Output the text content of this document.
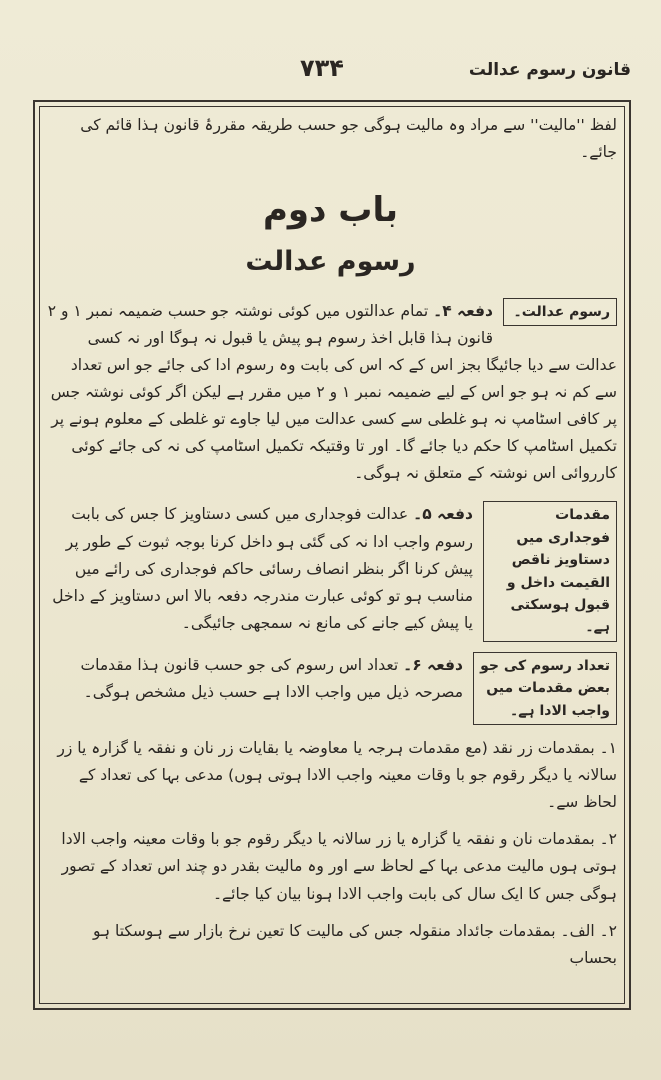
قانون رسوم عدالت
۷۳۴

لفظ ''مالیت'' سے مراد وہ مالیت ہوگی جو حسب طریقہ مقررۂ قانون ہذا قائم کی جائے۔

باب دوم
رسوم عدالت
رسوم عدالت۔

دفعہ ۴۔ تمام عدالتوں میں کوئی نوشتہ جو حسب ضمیمہ نمبر ۱ و ۲ قانون ہذا قابل اخذ رسوم ہو پیش یا قبول نہ ہوگا اور نہ کسی عدالت سے دیا جائیگا بجز اس کے کہ اس کی بابت وہ رسوم ادا کی جائے جو اس تعداد سے کم نہ ہو جو اس کے لیے ضمیمہ نمبر ۱ و ۲ میں مقرر ہے لیکن اگر کوئی نوشتہ جس پر کافی اسٹامپ نہ ہو غلطی سے کسی عدالت میں لیا جاوے تو غلطی کے معلوم ہونے پر تکمیل اسٹامپ کا حکم دیا جائے گا۔ اور تا وقتیکہ تکمیل اسٹامپ کی نہ کی جائے کوئی کارروائی اس نوشتہ کے متعلق نہ ہوگی۔

مقدمات فوجداری میں دستاویز ناقص القیمت داخل و قبول ہوسکتی ہے۔

دفعہ ۵۔ عدالت فوجداری میں کسی دستاویز کا جس کی بابت رسوم واجب ادا نہ کی گئی ہو داخل کرنا بوجہ ثبوت کے طور پر پیش کرنا اگر بنظر انصاف رسائی حاکم فوجداری کی رائے میں مناسب ہو تو کوئی عبارت مندرجہ دفعہ بالا اس دستاویز کے داخل یا پیش کیے جانے کی مانع نہ سمجھی جائیگی۔

تعداد رسوم کی جو بعض مقدمات میں واجب الادا ہے۔

دفعہ ۶۔ تعداد اس رسوم کی جو حسب قانون ہذا مقدمات مصرحہ ذیل میں واجب الادا ہے حسب ذیل مشخص ہوگی۔

۱۔ بمقدمات زر نقد (مع مقدمات ہرجہ یا معاوضہ یا بقایات زر نان و نفقہ یا گزارہ یا زر سالانہ یا دیگر رقوم جو با وقات معینہ واجب الادا ہوتی ہوں) مدعی بہا کی تعداد کے لحاظ سے۔

۲۔ بمقدمات نان و نفقہ یا گزارہ یا زر سالانہ یا دیگر رقوم جو با وقات معینہ واجب الادا ہوتی ہوں مالیت مدعی بہا کے لحاظ سے اور وہ مالیت بقدر دو چند اس تعداد کے تصور ہوگی جس کا ایک سال کی بابت واجب الادا ہونا بیان کیا جائے۔

۲۔ الف۔ بمقدمات جائداد منقولہ جس کی مالیت کا تعین نرخ بازار سے ہوسکتا ہو بحساب
